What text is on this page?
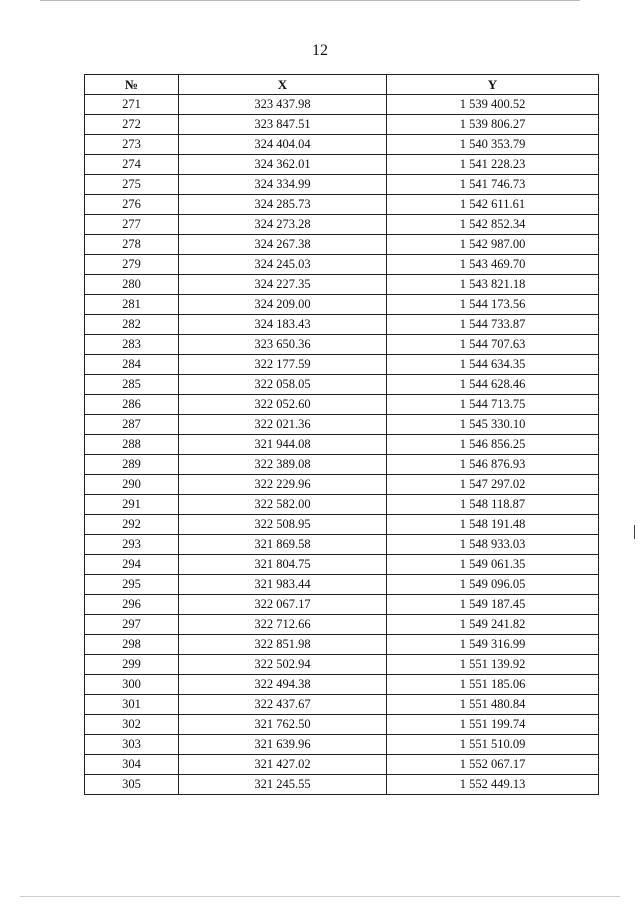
12
№	X	Y
271	323 437.98	1 539 400.52
272	323 847.51	1 539 806.27
273	324 404.04	1 540 353.79
274	324 362.01	1 541 228.23
275	324 334.99	1 541 746.73
276	324 285.73	1 542 611.61
277	324 273.28	1 542 852.34
278	324 267.38	1 542 987.00
279	324 245.03	1 543 469.70
280	324 227.35	1 543 821.18
281	324 209.00	1 544 173.56
282	324 183.43	1 544 733.87
283	323 650.36	1 544 707.63
284	322 177.59	1 544 634.35
285	322 058.05	1 544 628.46
286	322 052.60	1 544 713.75
287	322 021.36	1 545 330.10
288	321 944.08	1 546 856.25
289	322 389.08	1 546 876.93
290	322 229.96	1 547 297.02
291	322 582.00	1 548 118.87
292	322 508.95	1 548 191.48
293	321 869.58	1 548 933.03
294	321 804.75	1 549 061.35
295	321 983.44	1 549 096.05
296	322 067.17	1 549 187.45
297	322 712.66	1 549 241.82
298	322 851.98	1 549 316.99
299	322 502.94	1 551 139.92
300	322 494.38	1 551 185.06
301	322 437.67	1 551 480.84
302	321 762.50	1 551 199.74
303	321 639.96	1 551 510.09
304	321 427.02	1 552 067.17
305	321 245.55	1 552 449.13
